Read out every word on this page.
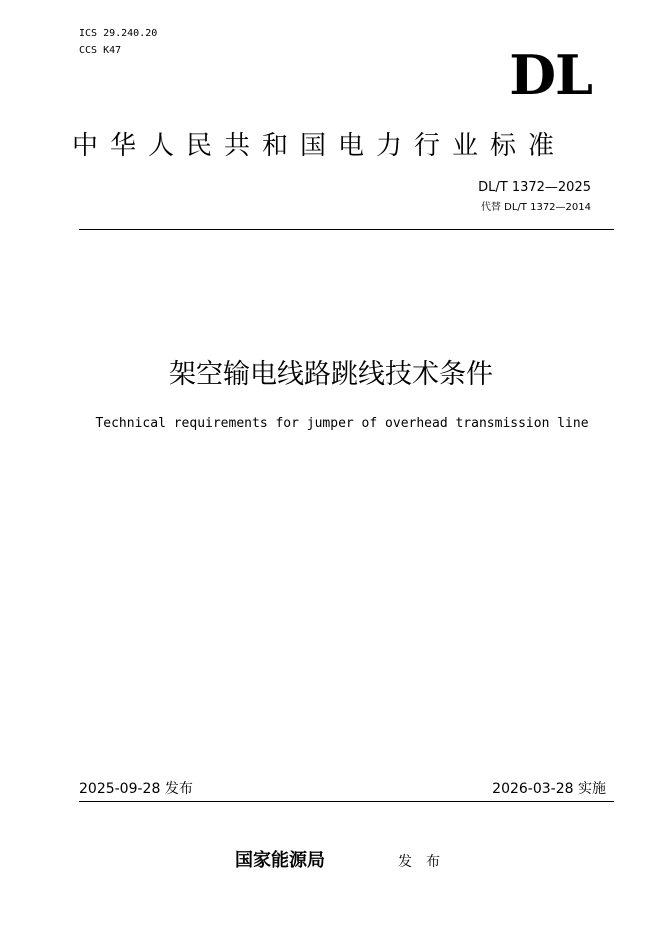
ICS 29.240.20
CCS K47	DL
中华人民共和国电力行业标准
DL/T 1372—2025
代替 DL/T 1372—2014
架空输电线路跳线技术条件
Technical requirements for jumper of overhead transmission line
2025-09-28 发布	2026-03-28 实施
国家能源局	发布
